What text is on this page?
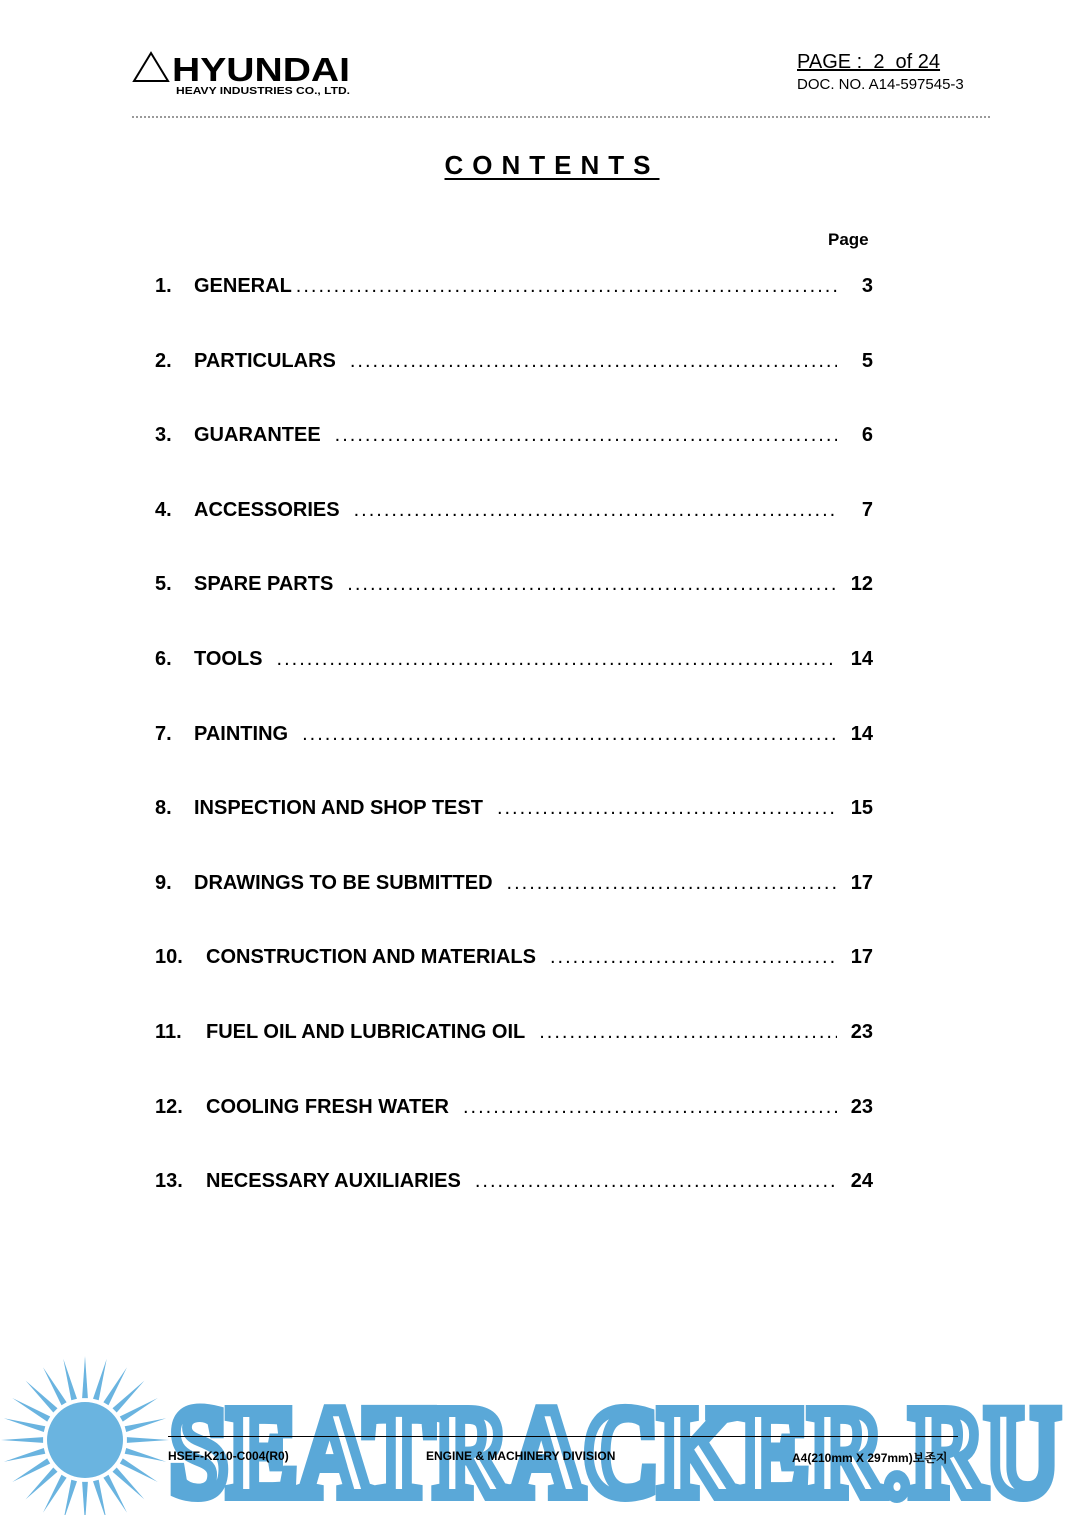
HYUNDAI
HEAVY INDUSTRIES CO., LTD.
PAGE :  2  of 24
DOC. NO. A14-597545-3
CONTENTS
Page
1.	GENERAL .....	3
2.	PARTICULARS .....	5
3.	GUARANTEE .....	6
4.	ACCESSORIES .....	7
5.	SPARE PARTS .....	12
6.	TOOLS .....	14
7.	PAINTING .....	14
8.	INSPECTION AND SHOP TEST .....	15
9.	DRAWINGS TO BE SUBMITTED .....	17
10.	CONSTRUCTION AND MATERIALS .....	17
11.	FUEL OIL AND LUBRICATING OIL .....	23
12.	COOLING FRESH WATER .....	23
13.	NECESSARY AUXILIARIES .....	24
SEATRACKER.RU
HSEF-K210-C004(R0)	ENGINE & MACHINERY DIVISION	A4(210mm X 297mm)보존지
